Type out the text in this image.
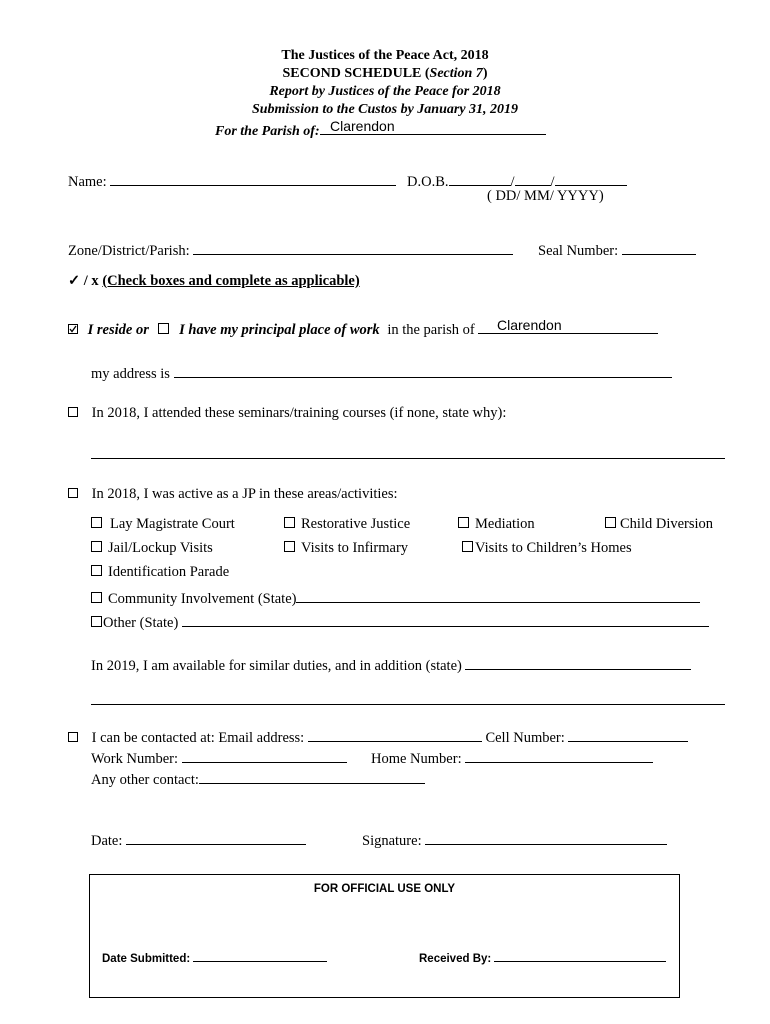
The Justices of the Peace Act, 2018
SECOND SCHEDULE (Section 7)
Report by Justices of the Peace for 2018
Submission to the Custos by January 31, 2019
For the Parish of: Clarendon
Name:	D.O.B.	/ /
( DD/ MM/ YYYY)
Zone/District/Parish:	Seal Number:
✓ / x (Check boxes and complete as applicable)
I reside or I have my principal place of work in the parish of	Clarendon
my address is
In 2018, I attended these seminars/training courses (if none, state why):
In 2018, I was active as a JP in these areas/activities:
Lay Magistrate Court	Restorative Justice	Mediation	Child Diversion
Jail/Lockup Visits	Visits to Infirmary	Visits to Children’s Homes
Identification Parade
Community Involvement (State)
Other (State)
In 2019, I am available for similar duties, and in addition (state)
I can be contacted at: Email address:	Cell Number:
Work Number:	Home Number:
Any other contact:
Date:	Signature:
FOR OFFICIAL USE ONLY
Date Submitted:	Received By:
